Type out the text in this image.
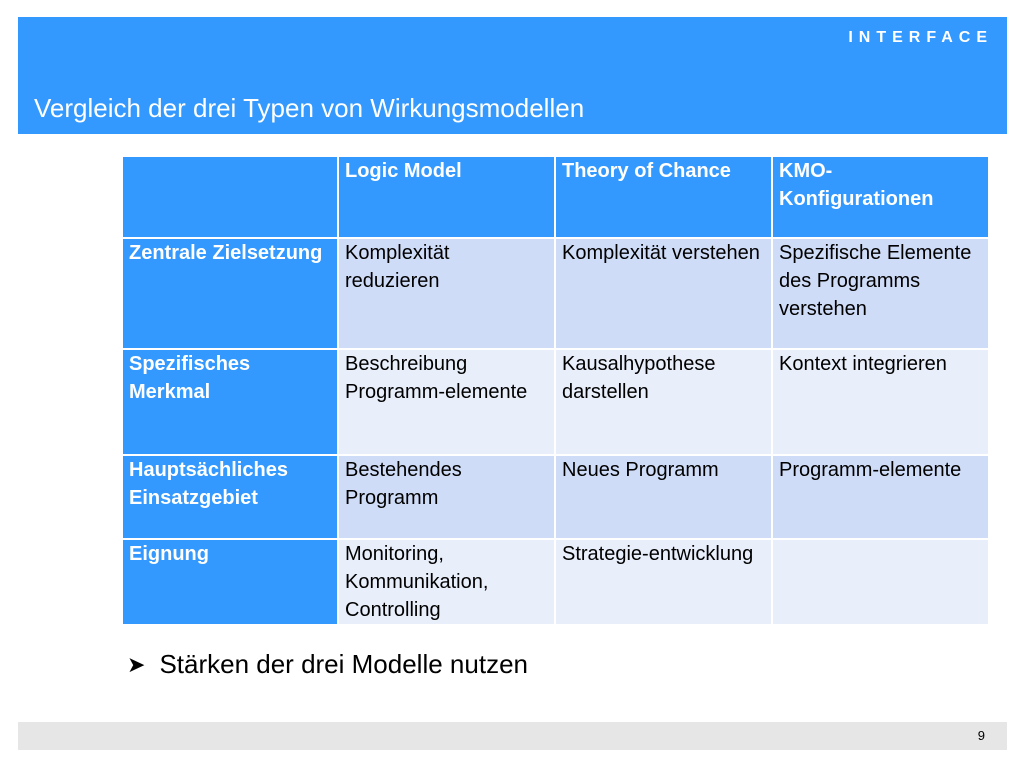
INTERFACE
Vergleich der drei Typen von Wirkungsmodellen
	Logic Model	Theory of Chance	KMO-Konfigurationen
Zentrale Zielsetzung	Komplexität reduzieren	Komplexität verstehen	Spezifische Elemente des Programms verstehen
Spezifisches Merkmal	Beschreibung Programm-elemente	Kausalhypothese darstellen	Kontext integrieren
Hauptsächliches Einsatzgebiet	Bestehendes Programm	Neues Programm	Programm-elemente
Eignung	Monitoring, Kommunikation, Controlling	Strategie-entwicklung	
➤ Stärken der drei Modelle nutzen
9
